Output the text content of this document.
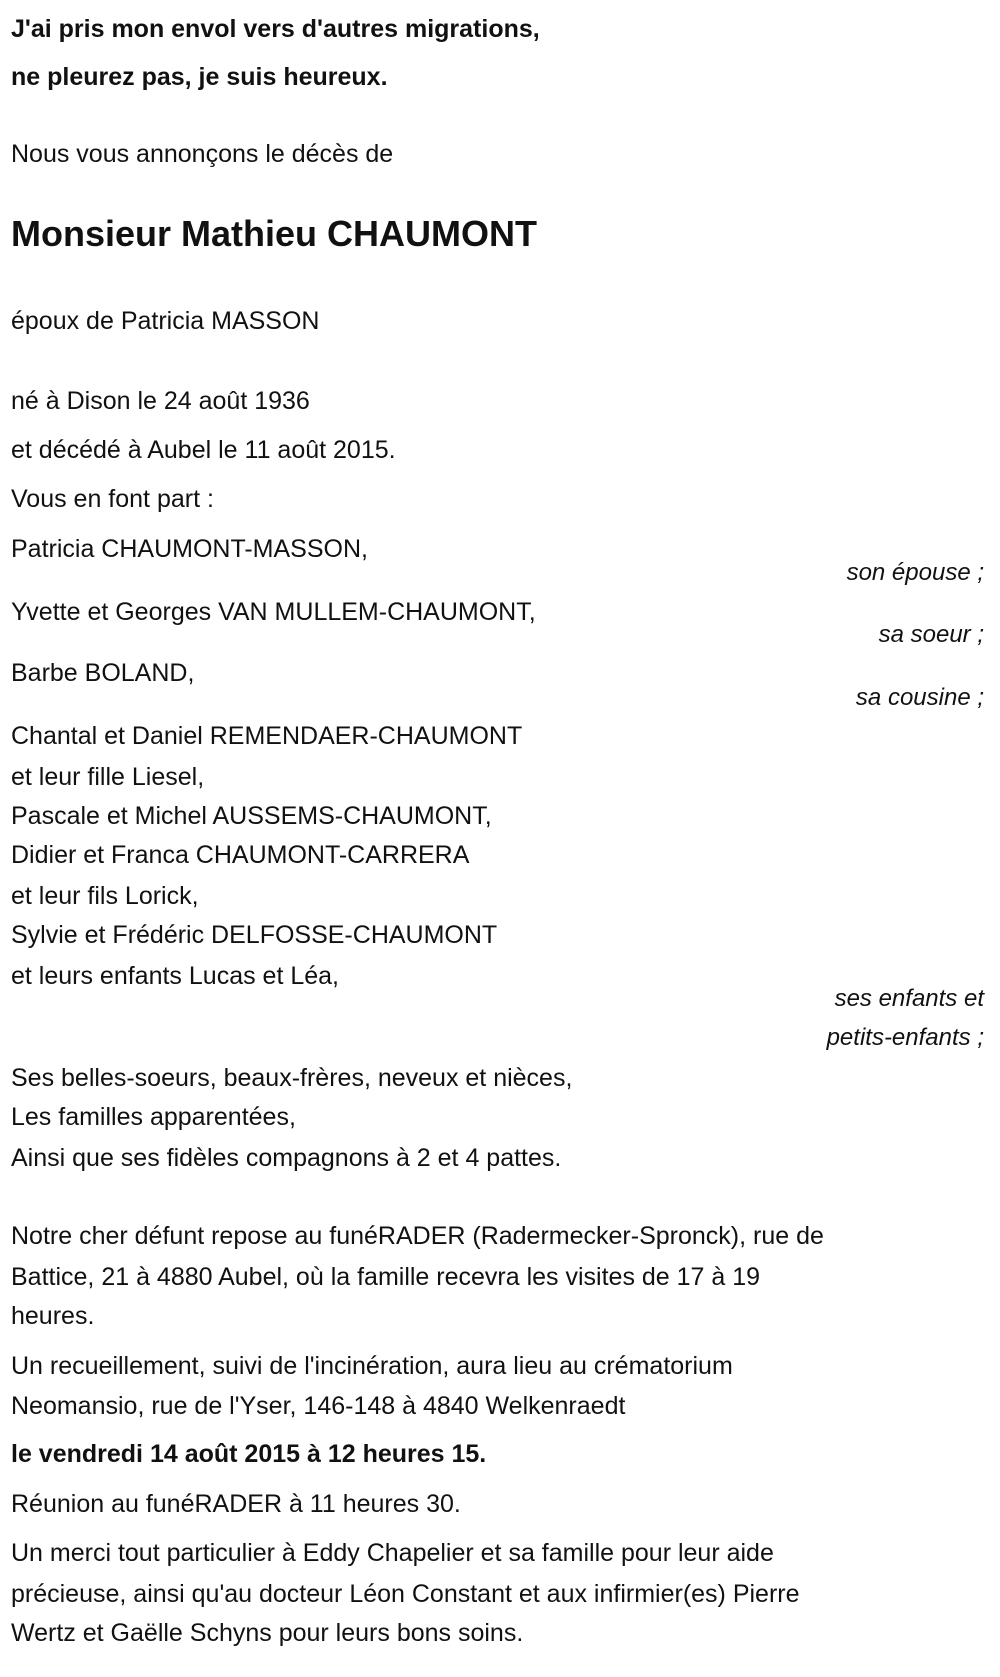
J'ai pris mon envol vers d'autres migrations,
ne pleurez pas, je suis heureux.
Nous vous annonçons le décès de
Monsieur Mathieu CHAUMONT
époux de Patricia MASSON
né à Dison le 24 août 1936
et décédé à Aubel le 11 août 2015.
Vous en font part :
Patricia CHAUMONT-MASSON,
son épouse ;
Yvette et Georges VAN MULLEM-CHAUMONT,
sa soeur ;
Barbe BOLAND,
sa cousine ;
Chantal et Daniel REMENDAER-CHAUMONT
et leur fille Liesel,
Pascale et Michel AUSSEMS-CHAUMONT,
Didier et Franca CHAUMONT-CARRERA
et leur fils Lorick,
Sylvie et Frédéric DELFOSSE-CHAUMONT
et leurs enfants Lucas et Léa,
ses enfants et
petits-enfants ;
Ses belles-soeurs, beaux-frères, neveux et nièces,
Les familles apparentées,
Ainsi que ses fidèles compagnons à 2 et 4 pattes.
Notre cher défunt repose au funéRADER (Radermecker-Spronck), rue de
Battice, 21 à 4880 Aubel, où la famille recevra les visites de 17 à 19
heures.
Un recueillement, suivi de l'incinération, aura lieu au crématorium
Neomansio, rue de l'Yser, 146-148 à 4840 Welkenraedt
le vendredi 14 août 2015 à 12 heures 15.
Réunion au funéRADER à 11 heures 30.
Un merci tout particulier à Eddy Chapelier et sa famille pour leur aide
précieuse, ainsi qu'au docteur Léon Constant et aux infirmier(es) Pierre
Wertz et Gaëlle Schyns pour leurs bons soins.
